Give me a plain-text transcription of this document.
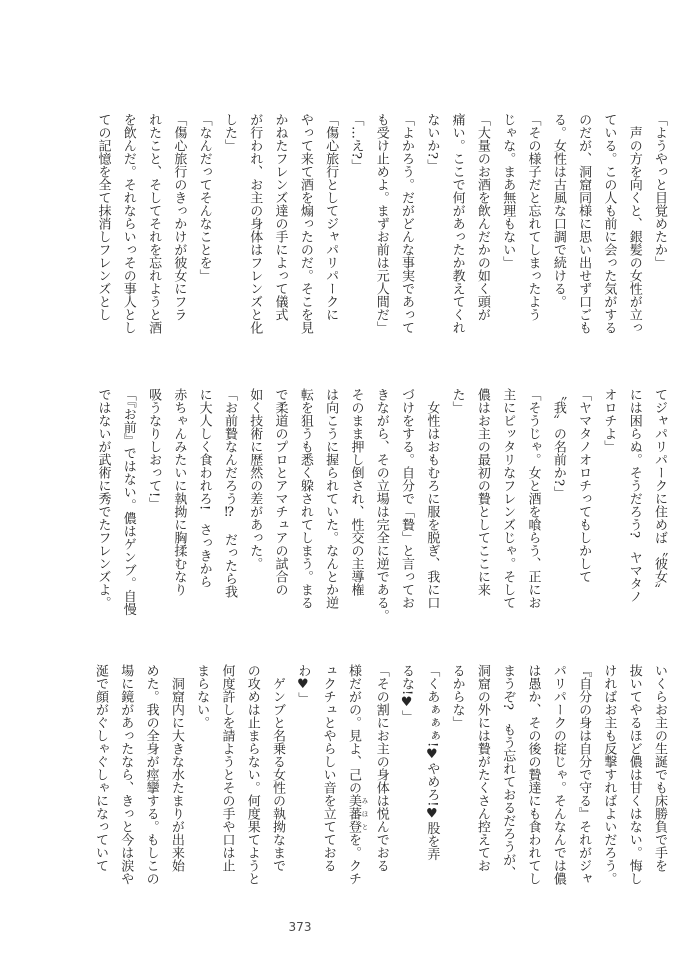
「ようやっと目覚めたか」

　声の方を向くと、銀髪の女性が立っ

ている。この人も前に会った気がする

のだが、洞窟同様に思い出せず口ごも

る。女性は古風な口調で続ける。

「その様子だと忘れてしまったよう

じゃな。まあ無理もない」

「大量のお酒を飲んだかの如く頭が

痛い。ここで何があったか教えてくれ

ないか?」

「よかろう。だがどんな事実であって

も受け止めよ。まずお前は元人間だ」

「…え?」

「傷心旅行としてジャパリパークに

やって来て酒を煽ったのだ。そこを見

かねたフレンズ達の手によって儀式

が行われ、お主の身体はフレンズと化

した」

「なんだってそんなことを」

「傷心旅行のきっかけが彼女にフラ

れたこと、そしてそれを忘れようと酒

を飲んだ。それならいっその事人とし

ての記憶を全て抹消しフレンズとし

てジャパリパークに住めば〝彼女〟

には困らぬ。そうだろう?　ヤマタノ

オロチよ」

「ヤマタノオロチってもしかして

〝我〟の名前か?」

「そうじゃ。女と酒を喰らう、正にお

主にピッタリなフレンズじゃ。そして

儂はお主の最初の贄としてここに来

た」

　女性はおもむろに服を脱ぎ、我に口

づけをする。自分で「贄」と言ってお

きながら、その立場は完全に逆である。

そのまま押し倒され、性交の主導権

は向こうに握られていた。なんとか逆

転を狙うも悉く躱されてしまう。まる

で柔道のプロとアマチュアの試合の

如く技術に歴然の差があった。

「お前贄なんだろう⁉　だったら我

に大人しく食われろ!　さっきから

赤ちゃんみたいに執拗に胸揉むなり

吸うなりしおって!」

「『お前』ではない。儂はゲンブ。自慢

ではないが武術に秀でたフレンズよ。

いくらお主の生誕でも床勝負で手を

抜いてやるほど儂は甘くはない。悔し

ければお主も反撃すればよいだろう。

『自分の身は自分で守る』それがジャ

パリパークの掟じゃ。そんなんでは儂

は愚か、その後の贄達にも食われてし

まうぞ?　もう忘れておるだろうが、

洞窟の外には贄がたくさん控えてお

るからな」

「くあぁぁぁ!♥やめろ!♥股を弄

るな!♥」

「その割にお主の身体は悦んでおる

様だがの。見よ、己の美蕃登 みほとを。クチ

ュクチュとやらしい音を立てておる

わ♥」

　ゲンブと名乗る女性の執拗なまで

の攻めは止まらない。何度果てようと

何度許しを請ようとその手や口は止

まらない。

　洞窟内に大きな水たまりが出来始

めた。我の全身が痙攣する。もしこの

場に鏡があったなら、きっと今は涙や

涎で顔がぐしゃぐしゃになっていて

373
